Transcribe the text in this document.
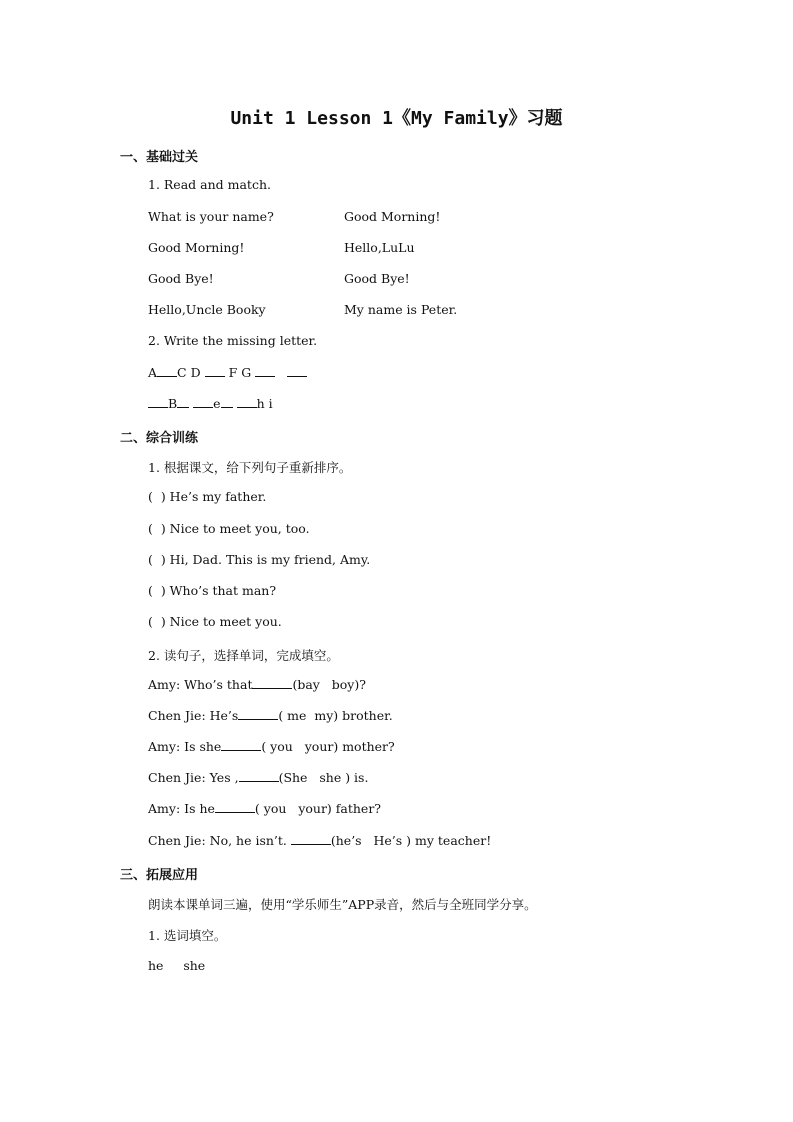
Unit 1 Lesson 1《My Family》习题
一、基础过关
1. Read and match.
What is your name?	Good Morning!
Good Morning!	Hello,LuLu
Good Bye!	Good Bye!
Hello,Uncle Booky	My name is Peter.
2. Write the missing letter.
A C D F G
B	e	h i
二、综合训练
1. 根据课文，给下列句子重新排序。
(  ) He’s my father.
(  ) Nice to meet you, too.
(  ) Hi, Dad. This is my friend, Amy.
(  ) Who’s that man?
(  ) Nice to meet you.
2. 读句子，选择单词，完成填空。
Amy: Who’s that	(bay   boy)?
Chen Jie: He’s	( me  my) brother.
Amy: Is she	( you   your) mother?
Chen Jie: Yes ,	(She   she ) is.
Amy: Is he	( you   your) father?
Chen Jie: No, he isn’t.	(he’s   He’s ) my teacher!
三、拓展应用
朗读本课单词三遍，使用“学乐师生”APP录音，然后与全班同学分享。
1. 选词填空。
he     she
